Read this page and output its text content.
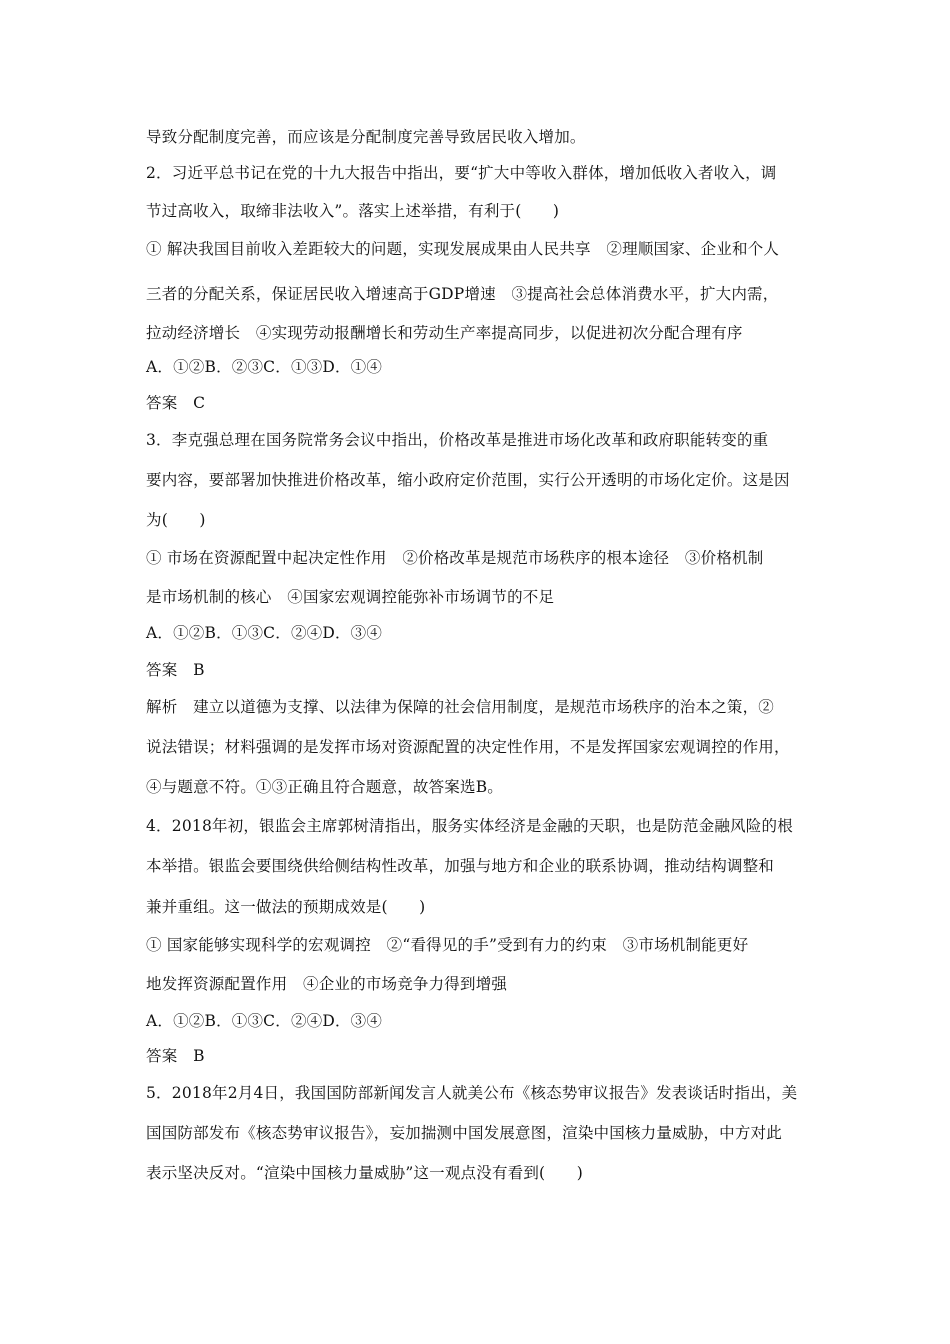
导致分配制度完善，而应该是分配制度完善导致居民收入增加。
2．习近平总书记在党的十九大报告中指出，要“扩大中等收入群体，增加低收入者收入，调
节过高收入，取缔非法收入”。落实上述举措，有利于(　　)
① 解决我国目前收入差距较大的问题，实现发展成果由人民共享　②理顺国家、企业和个人
三者的分配关系，保证居民收入增速高于GDP增速　③提高社会总体消费水平，扩大内需，
拉动经济增长　④实现劳动报酬增长和劳动生产率提高同步，以促进初次分配合理有序
A．①②B．②③C．①③D．①④
答案　C
3．李克强总理在国务院常务会议中指出，价格改革是推进市场化改革和政府职能转变的重
要内容，要部署加快推进价格改革，缩小政府定价范围，实行公开透明的市场化定价。这是因
为(　　)
① 市场在资源配置中起决定性作用　②价格改革是规范市场秩序的根本途径　③价格机制
是市场机制的核心　④国家宏观调控能弥补市场调节的不足
A．①②B．①③C．②④D．③④
答案　B
解析　建立以道德为支撑、以法律为保障的社会信用制度，是规范市场秩序的治本之策，②
说法错误；材料强调的是发挥市场对资源配置的决定性作用，不是发挥国家宏观调控的作用，
④与题意不符。①③正确且符合题意，故答案选B。
4．2018年初，银监会主席郭树清指出，服务实体经济是金融的天职，也是防范金融风险的根
本举措。银监会要围绕供给侧结构性改革，加强与地方和企业的联系协调，推动结构调整和
兼并重组。这一做法的预期成效是(　　)
① 国家能够实现科学的宏观调控　②“看得见的手”受到有力的约束　③市场机制能更好
地发挥资源配置作用　④企业的市场竞争力得到增强
A．①②B．①③C．②④D．③④
答案　B
5．2018年2月4日，我国国防部新闻发言人就美公布《核态势审议报告》发表谈话时指出，美
国国防部发布《核态势审议报告》，妄加揣测中国发展意图，渲染中国核力量威胁，中方对此
表示坚决反对。“渲染中国核力量威胁”这一观点没有看到(　　)
